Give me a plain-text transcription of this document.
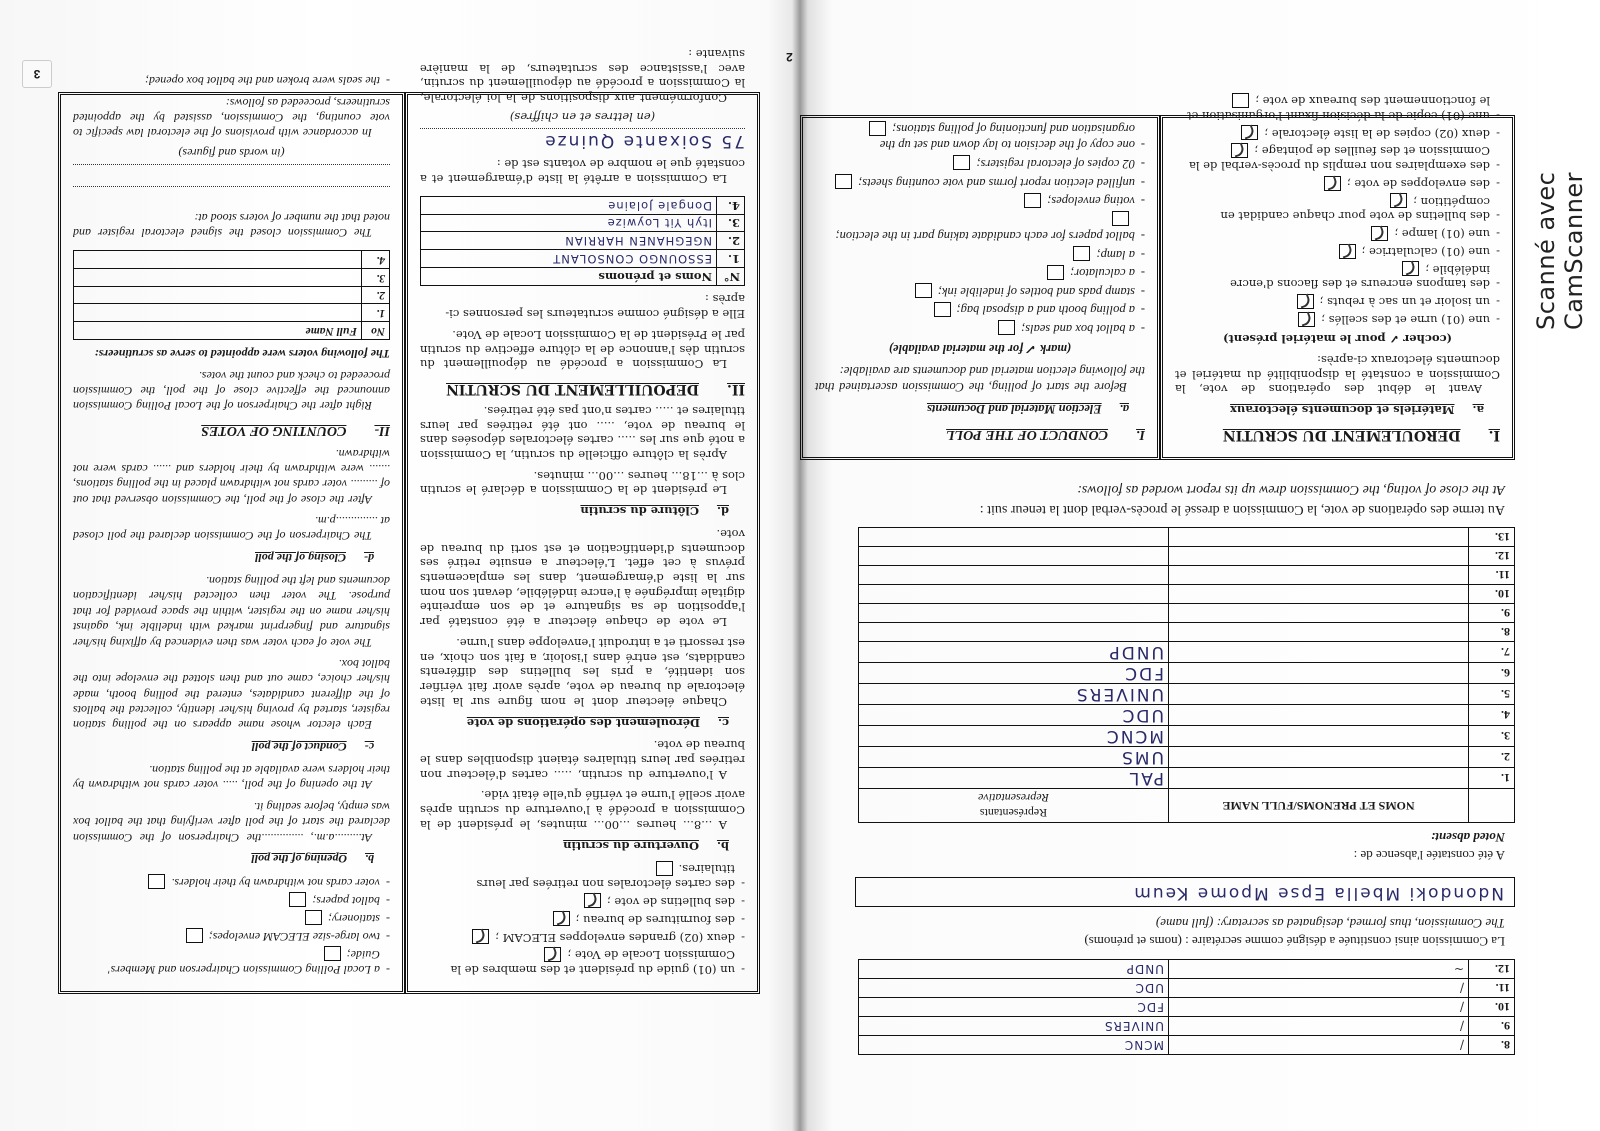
Scanné avec CamScanner
3
2
- un (01) guide du président et des membres de la Commission Locale de Vote ;
- deux (02) grandes enveloppes ELECAM ;
- des fournitures de bureau ;
- des bulletins de vote ;
- des cartes électorales non retirées par leurs titulaires.
b.
Ouverture du scrutin

A ...8... heures ...00... minutes, le président de la Commission a procédé à l'ouverture du scrutin après avoir scellé l'urne et vérifié qu'elle était vide.

A l'ouverture du scrutin, ..... cartes d'électeur non retirées par leurs titulaires étaient disponibles dans le bureau de vote.

c.
Déroulement des opérations de vote

Chaque électeur dont le nom figure sur la liste électorale du bureau de vote, après avoir fait vérifier son identité, a pris les bulletins des différents candidats, est entré dans l'isoloir, a fait son choix, en est ressorti et a introduit l'enveloppe dans l'urne.

Le vote de chaque électeur a été constaté par l'apposition de sa signature et de son empreinte digitale imprégnée à l'encre indélébile, devant son nom sur la liste d'émargement, dans les emplacements prévus à cet effet. L'électeur a ensuite retiré ses documents d'identification et est sorti du bureau de vote.

d.
Clôture du scrutin

Le président de la Commission a déclaré le scrutin clos à ...18... heures ...00... minutes.

Après la clôture officielle du scrutin, la Commission a noté que sur les ..... cartes électorales déposées dans le bureau de vote, ..... ont été retirées par leurs titulaires et ..... cartes n'ont pas été retirées.

II.
DEPOUILLEMENT DU SCRUTIN

La Commission a procédé au dépouillement du scrutin dès l'annonce de la clôture effective du scrutin par le Président de la Commission Locale de Vote.

Elle a désigné comme scrutateurs les personnes ci-après :

N°	Noms et prénoms
1.	ESSOUNGO CONSOLANT
2.	NGEGHANEN HARRIAN
3.	Ityh Yit Loywize
4.	Dongale Jolaine

La Commission a arrêté la liste d'émargement et a constaté que le nombre de votants est de :

75 Soixante Quinze

(en lettres et en chiffres)

Conformément aux dispositions de la loi électorale, la Commission a procédé au dépouillement du scrutin, avec l'assistance des scrutateurs, de la manière suivante :

- a Local Polling Commission Chairperson and Members' Guide;
- two large-size ELECAM envelopes;
- stationery;
- ballot papers;
- voter cards not withdrawn by their holders.
b.
Opening of the poll

At.........a.m., ..............the Chairperson of the Commission declared the start of the poll after verifying that the ballot box was empty, before sealing it.

At the opening of the poll, ..... voter cards not withdrawn by their holders were available at the polling station.

c-
Conduct of the poll

Each elector whose name appears on the polling station register, started by proving his/her identity, collected the ballots of the different candidates, entered the polling booth, made his/her choice, came out and then slotted the envelope into the ballot box.

The vote of each voter was then evidenced by affixing his/her signature and fingerprint marked with indelible ink, against his/her name on the register, within the space provided for that purpose. The voter then collected his/her identification documents and left the polling station.

d-
Closing of the poll

The Chairperson of the Commission declared the poll closed at ..............p.m.

After the close of the poll, the Commission observed that out of ......... voter cards not withdrawn placed in the polling stations, ....... were withdrawn by their holders and ...... cards were not withdrawn.

II-
COUNTING OF VOTES

Right after the Chairperson of the Local Polling Commission announced the effective close of the poll, the Commission proceeded to check and count the votes.

The following voters were appointed to serve as scrutineers:

No	Full Name
1.	
2.	
3.	
4.	

The Commission closed the signed electoral register and noted that the number of voters stood at:

(in words and figures)

In accordance with provisions of the electoral law specific to vote counting, the Commission, assisted by the appointed scrutineers, proceeded as follows:

- the seals were broken and the ballot box opened;
8.	/	MCNC
9.	/	UNIVERS
10.	/	FDC
11.	/	UDC
12.	~	UNDP
La Commission ainsi constituée a désigné comme secrétaire : (noms et prénoms)
The Commission, thus formed, designated as secretary: (full name)
Ndondoki Mbella Epse Mpome Keum
A été constatée l'absence de :
Noted absent:
	NOMS ET PRENOMS/FULL NAME	Représentants
Representative

1.		PAL
2.		UMS
3.		MCNC
4.		UDC
5.		UNIVERS
6.		FDC
7.		UNDP
8.		
9.		
10.		
11.		
12.		
13.		
Au terme des opérations de vote, la Commission a dressé le procès-verbal dont la teneur suit :
At the close of voting, the Commission drew up its report worded as follows:
I.
DEROULEMENT DU SCRUTIN
a.
Matériels et documents électoraux

Avant le début des opérations de vote, la Commission a constaté la disponibilité du matériel et documents électoraux ci-après:

(cocher ✓ pour le matériel présent)

- une (01) urne et des scellés ;
- un isoloir et un sac à rebuts ;
- des tampons encreurs et des flacons d'encre indélébile ;
- une (01) calculatrice ;
- une (01) lampe ;
- des bulletins de vote pour chaque candidat en compétition ;
- des enveloppes de vote ;
- des exemplaires non remplis du procès-verbal de la Commission et des feuilles de pointage ;
- deux (02) copies de la liste électorale ;
- une (01) copie de la décision fixant l'organisation et le fonctionnement des bureaux de vote ;
I.
CONDUCT OF THE POLL
a.
Election Material and Documents

Before the start of polling, the Commission ascertained that the following election material and documents are available:

(mark ✓ for the material available)

- a ballot box and seals;
- a polling booth and a disposal bag;
- stamp pads and bottles of indelible ink;
- a calculator;
- a lamp;
- ballot papers for each candidate taking part in the election;
- voting envelopes;
- unfilled election report forms and vote counting sheets;
- 02 copies of electoral registers;
- one copy of the decision to lay down and set up the organisation and functioning of polling stations;
